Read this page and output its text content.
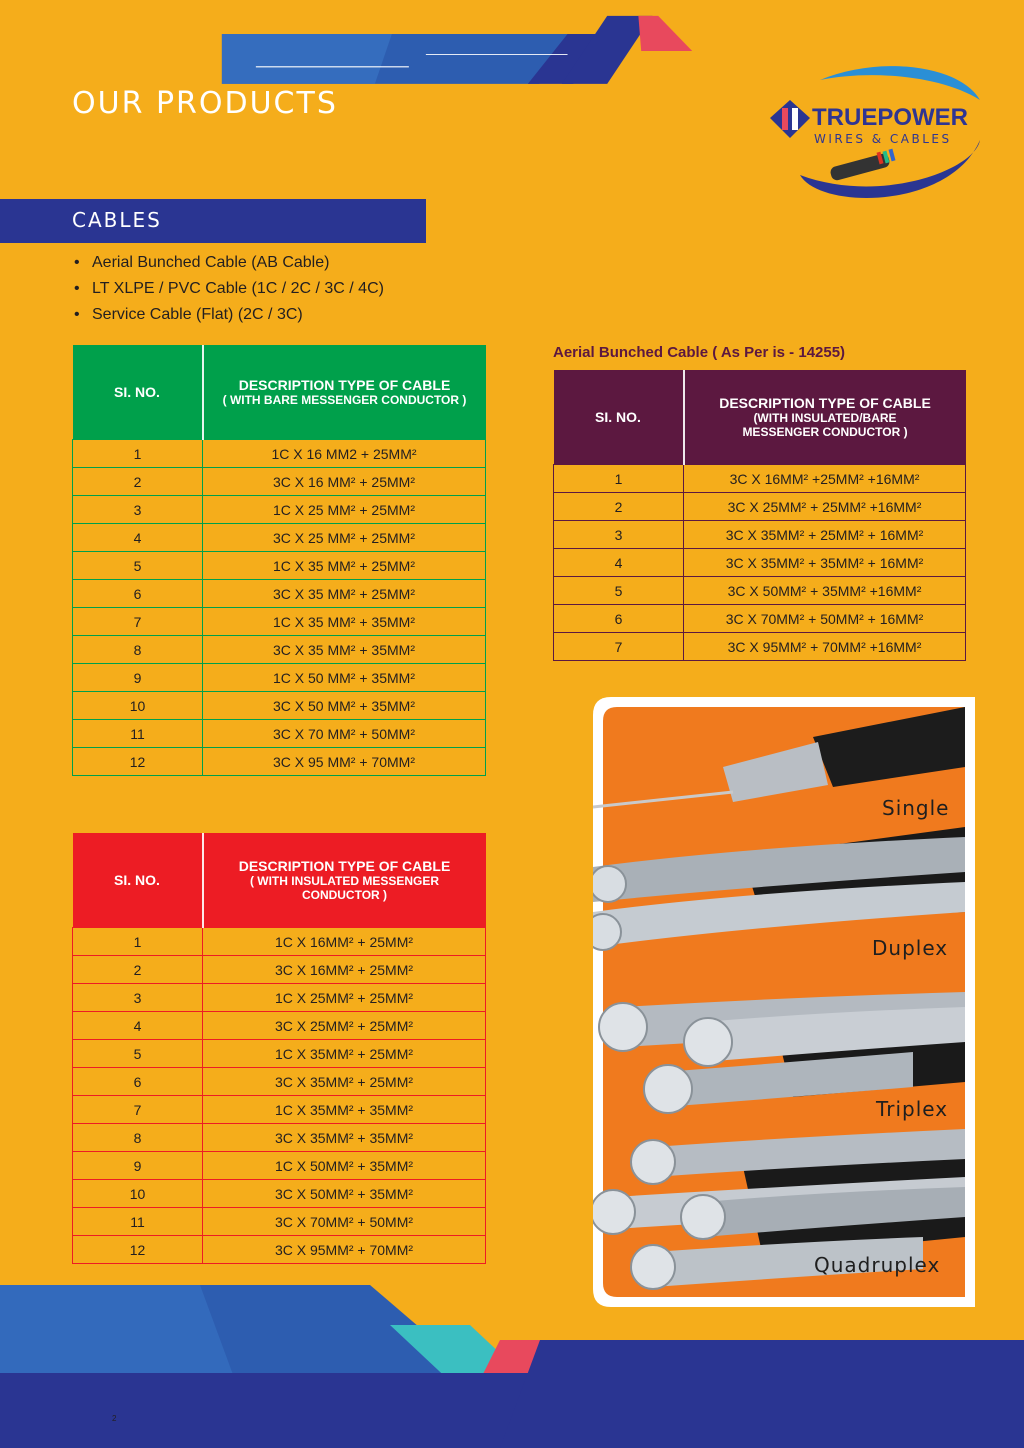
OUR PRODUCTS	TRUEPOWER
WIRES & CABLES
CABLES
• Aerial Bunched Cable (AB Cable)
• LT XLPE / PVC Cable (1C / 2C / 3C / 4C)
• Service Cable (Flat) (2C / 3C)
SI. NO.	DESCRIPTION TYPE OF CABLE
( WITH BARE MESSENGER CONDUCTOR )

1	1C X 16 MM2 + 25MM²
2	3C X 16 MM² + 25MM²
3	1C X 25 MM² + 25MM²
4	3C X 25 MM² + 25MM²
5	1C X 35 MM² + 25MM²
6	3C X 35 MM² + 25MM²
7	1C X 35 MM² + 35MM²
8	3C X 35 MM² + 35MM²
9	1C X 50 MM² + 35MM²
10	3C X 50 MM² + 35MM²
11	3C X 70 MM² + 50MM²
12	3C X 95 MM² + 70MM²
SI. NO.	DESCRIPTION TYPE OF CABLE
( WITH INSULATED MESSENGER CONDUCTOR )

1	1C X 16MM² + 25MM²
2	3C X 16MM² + 25MM²
3	1C X 25MM² + 25MM²
4	3C X 25MM² + 25MM²
5	1C X 35MM² + 25MM²
6	3C X 35MM² + 25MM²
7	1C X 35MM² + 35MM²
8	3C X 35MM² + 35MM²
9	1C X 50MM² + 35MM²
10	3C X 50MM² + 35MM²
11	3C X 70MM² + 50MM²
12	3C X 95MM² + 70MM²
Aerial Bunched Cable ( As Per is - 14255)
SI. NO.	DESCRIPTION TYPE OF CABLE
(WITH INSULATED/BARE MESSENGER CONDUCTOR )

1	3C X 16MM² +25MM² +16MM²
2	3C X 25MM² + 25MM² +16MM²
3	3C X 35MM² + 25MM² + 16MM²
4	3C X 35MM² + 35MM² + 16MM²
5	3C X 50MM² + 35MM² +16MM²
6	3C X 70MM² + 50MM² + 16MM²
7	3C X 95MM² + 70MM² +16MM²
Single
Duplex
Triplex
Quadruplex
2
